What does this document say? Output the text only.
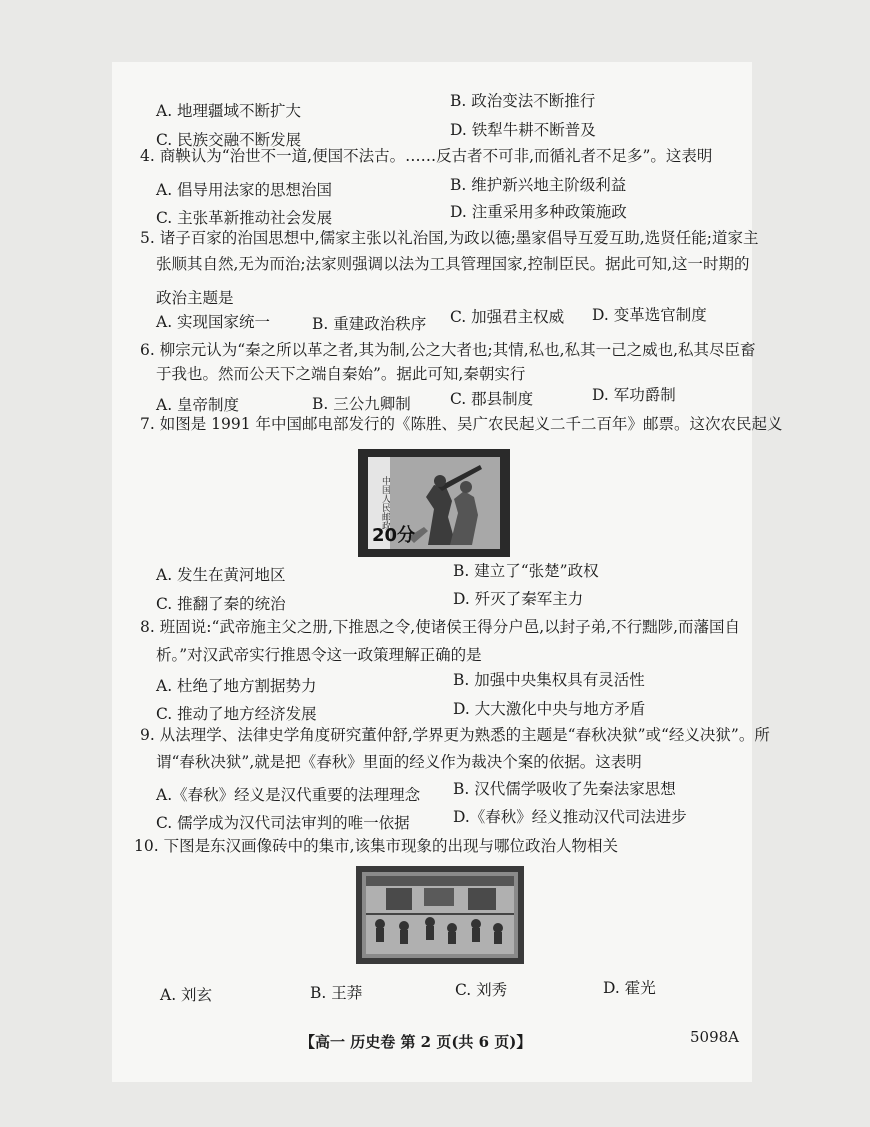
A. 地理疆域不断扩大
B. 政治变法不断推行
C. 民族交融不断发展
D. 铁犁牛耕不断普及
4. 商鞅认为“治世不一道,便国不法古。……反古者不可非,而循礼者不足多”。这表明
A. 倡导用法家的思想治国	B. 维护新兴地主阶级利益
C. 主张革新推动社会发展	D. 注重采用多种政策施政
5. 诸子百家的治国思想中,儒家主张以礼治国,为政以德;墨家倡导互爱互助,选贤任能;道家主
张顺其自然,无为而治;法家则强调以法为工具管理国家,控制臣民。据此可知,这一时期的
政治主题是
A. 实现国家统一	B. 重建政治秩序 C. 加强君主权威 D. 变革选官制度
6. 柳宗元认为“秦之所以革之者,其为制,公之大者也;其情,私也,私其一己之威也,私其尽臣畜
于我也。然而公天下之端自秦始”。据此可知,秦朝实行
A. 皇帝制度	B. 三公九卿制	C. 郡县制度	D. 军功爵制
7. 如图是 1991 年中国邮电部发行的《陈胜、吴广农民起义二千二百年》邮票。这次农民起义
中国人民邮政
20分
A. 发生在黄河地区	B. 建立了“张楚”政权
C. 推翻了秦的统治	D. 歼灭了秦军主力
8. 班固说:“武帝施主父之册,下推恩之令,使诸侯王得分户邑,以封子弟,不行黜陟,而藩国自
析。”对汉武帝实行推恩令这一政策理解正确的是
A. 杜绝了地方割据势力	B. 加强中央集权具有灵活性
C. 推动了地方经济发展	D. 大大激化中央与地方矛盾
9. 从法理学、法律史学角度研究董仲舒,学界更为熟悉的主题是“春秋决狱”或“经义决狱”。所
谓“春秋决狱”,就是把《春秋》里面的经义作为裁决个案的依据。这表明
A.《春秋》经义是汉代重要的法理理念 B. 汉代儒学吸收了先秦法家思想
C. 儒学成为汉代司法审判的唯一依据	D.《春秋》经义推动汉代司法进步
10. 下图是东汉画像砖中的集市,该集市现象的出现与哪位政治人物相关
A. 刘玄	B. 王莽	C. 刘秀	D. 霍光
【高一 历史卷 第 2 页(共 6 页)】	5098A
